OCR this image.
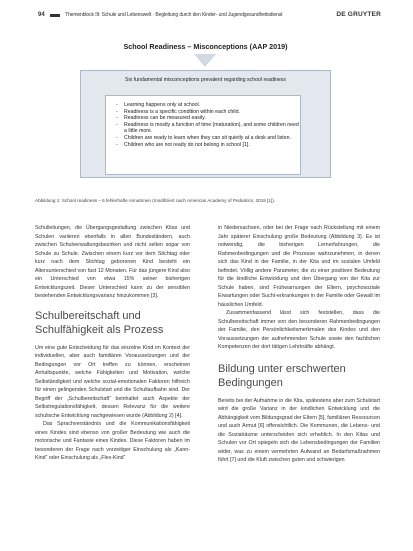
94	Themenblock III: Schule und Lebenswelt · Begleitung durch den Kinder- und Jugendgesundheitsdienst	DE GRUYTER
School Readiness – Misconceptions (AAP 2019)
Six fundamental misconceptions prevalent regarding school readiness
- Learning happens only at school.
- Readiness is a specific condition within each child.
- Readiness can be measured easily.
- Readiness is mostly a function of time (maturation), and some children need a little more.
- Children are ready to learn when they can sit quietly at a desk and listen.
- Children who are not ready do not belong in school [1].
Abbildung 1: School readiness – 6 fehlerhafte Annahmen (modifiziert nach American Academy of Pediatrics, 2019 [1]).

Schulleitungen, die Übergangsgestaltung zwischen Kitas und Schulen variieren ebenfalls in allen Bundesländern, auch zwischen Schulverwaltungsbezirken und nicht selten sogar von Schule zu Schule. Zwischen einem kurz vor dem Stichtag oder kurz nach dem Stichtag geborenen Kind besteht ein Altersunterschied von fast 12 Monaten. Für das jüngere Kind also ein Unterschied von etwa 15% seiner bisherigen Entwicklungszeit. Dieser Unterschied kann zu der sensiblen bestehenden Entwicklungsvarianz hinzukommen [3].

Schulbereitschaft und Schulfähigkeit als Prozess

Um eine gute Entscheidung für das einzelne Kind im Kontext der individuellen, aber auch familiären Voraussetzungen und der Bedingungen vor Ort treffen zu können, erscheinen Anhaltspunkte, welche Fähigkeiten und Motivation, welche Selbständigkeit und welche sozial-emotionalen Faktoren hilfreich für einen gelingenden Schulstart und die Schullaufbahn sind. Der Begriff der „Schulbereitschaft“ beinhaltet auch Aspekte der Selbstregulationsfähigkeit, dessen Relevanz für die weitere schulische Entwicklung nachgewiesen wurde (Abbildung 2) [4].

Das Sprachverständnis und die Kommunikationsfähigkeit eines Kindes sind ebenso von großer Bedeutung wie auch die motorische und Fantasie eines Kindes. Diese Faktoren haben im besonderen der Frage nach vorzeitiger Einschulung als „Kann-Kind“ oder Einschulung als „Flex-Kind“

in Niedersachsen, oder bei der Frage nach Rückstellung mit einem Jahr späterer Einschulung große Bedeutung (Abbildung 3). Es ist notwendig, die bisherigen Lernerfahrungen, die Rahmenbedingungen und die Prozesse wahrzunehmen, in denen sich das Kind in der Familie, in der Kita und im sozialen Umfeld befindet. Völlig andere Parameter, die zu einer positiven Bedeutung für die kindliche Entwicklung und den Übergang von der Kita zur Schule haben, sind Frühwarnungen der Eltern, psychosoziale Erwartungen oder Sucht-erkrankungen in der Familie oder Gewalt im häuslichen Umfeld.

Zusammenfassend lässt sich feststellen, dass die Schulbereitschaft immer von den besonderen Rahmenbedingungen der Familie, den Persönlichkeitsmerkmalen des Kindes und den Voraussetzungen der aufnehmenden Schule sowie den fachlichen Kompetenzen der dort tätigen Lehrkräfte abhängt.

Bildung unter erschwerten Bedingungen

Bereits bei der Aufnahme in die Kita, spätestens aber zum Schulstart wird die große Varianz in der kindlichen Entwicklung und die Abhängigkeit vom Bildungsgrad der Eltern [5], familiären Ressourcen und auch Armut [6] offensichtlich. Die Kommunen, die Lebens- und die Sozialräume unterscheiden sich erheblich. In den Kitas und Schulen vor Ort spiegeln sich die Lebensbedingungen der Familien wider, was zu einem vermehrten Aufwand an Bedarfsmaßnahmen führt [7] und die Kluft zwischen guten und schwierigen
